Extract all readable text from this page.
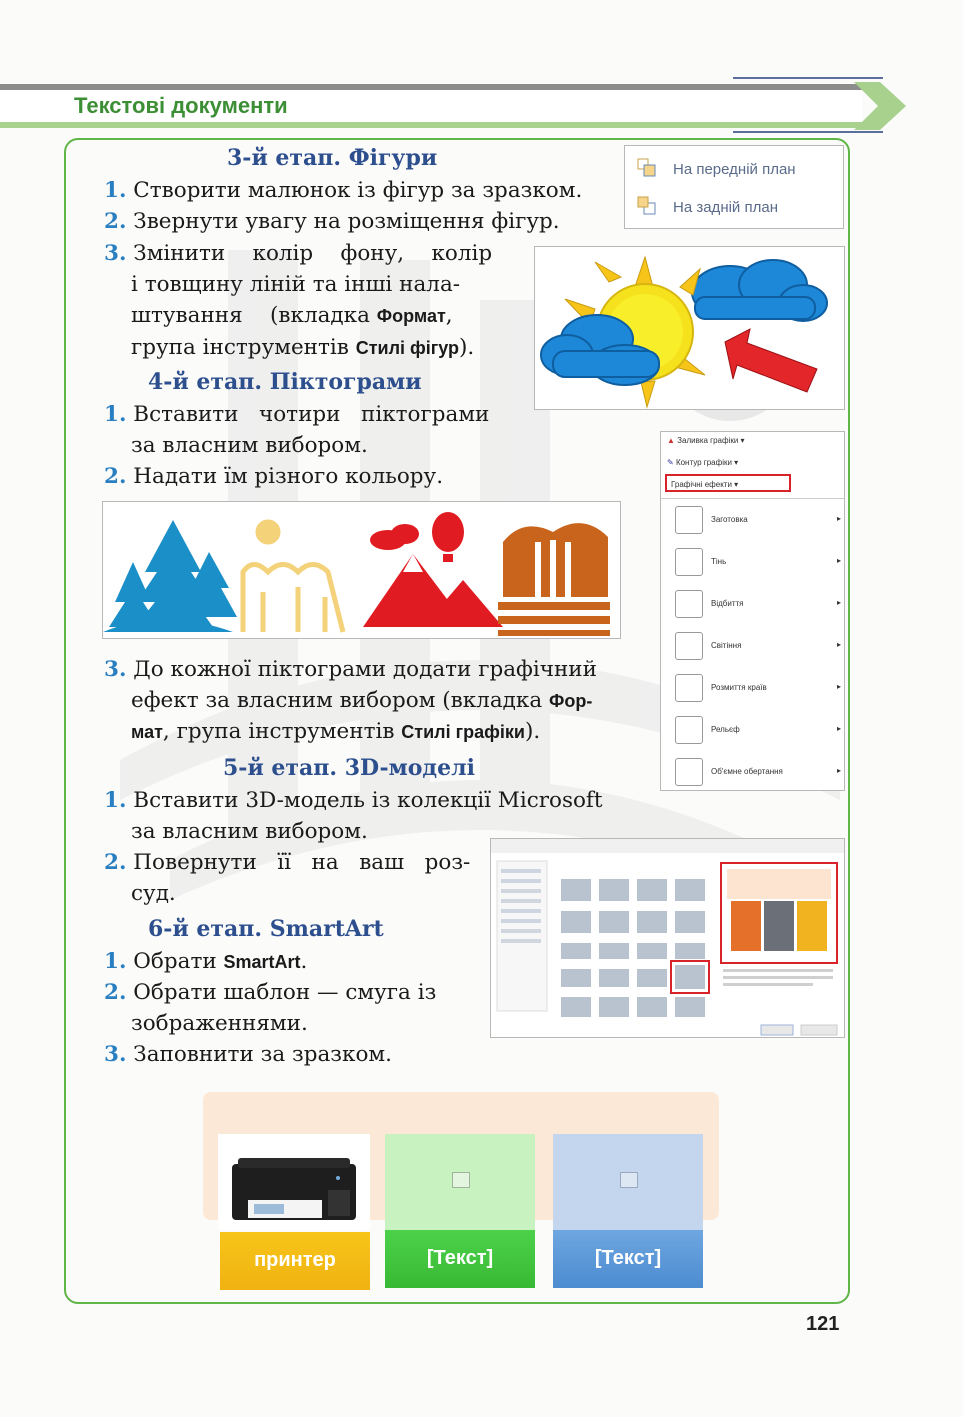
Текстові документи
3-й етап. Фігури
1. Створити малюнок із фігур за зразком.
2. Звернути увагу на розміщення фігур.
3. Змінити    колір    фону,    колір
і товщину ліній та інші нала-
штування    (вкладка Формат,
група інструментів Стилі фігур).
На передній план
На задній план
4-й етап. Піктограми
1. Вставити   чотири   піктограми
за власним вибором.
2. Надати їм різного кольору.
▲ Заливка графіки ▾
✎ Контур графіки ▾
Графічні ефекти ▾
Заготовка	▸
Тінь	▸
Відбиття	▸
Світіння	▸
Розмиття країв	▸
Рельєф	▸
Об'ємне обертання	▸
3. До кожної піктограми додати графічний
ефект за власним вибором (вкладка Фор-
мат, група інструментів Стилі графіки).
5-й етап. 3D-моделі
1. Вставити 3D-модель із колекції Microsoft
за власним вибором.
2. Повернути   її   на   ваш   роз-
суд.
6-й етап. SmartArt
1. Обрати SmartArt.
2. Обрати шаблон — смуга із
зображеннями.
3. Заповнити за зразком.
принтер	[Текст]	[Текст]
121
